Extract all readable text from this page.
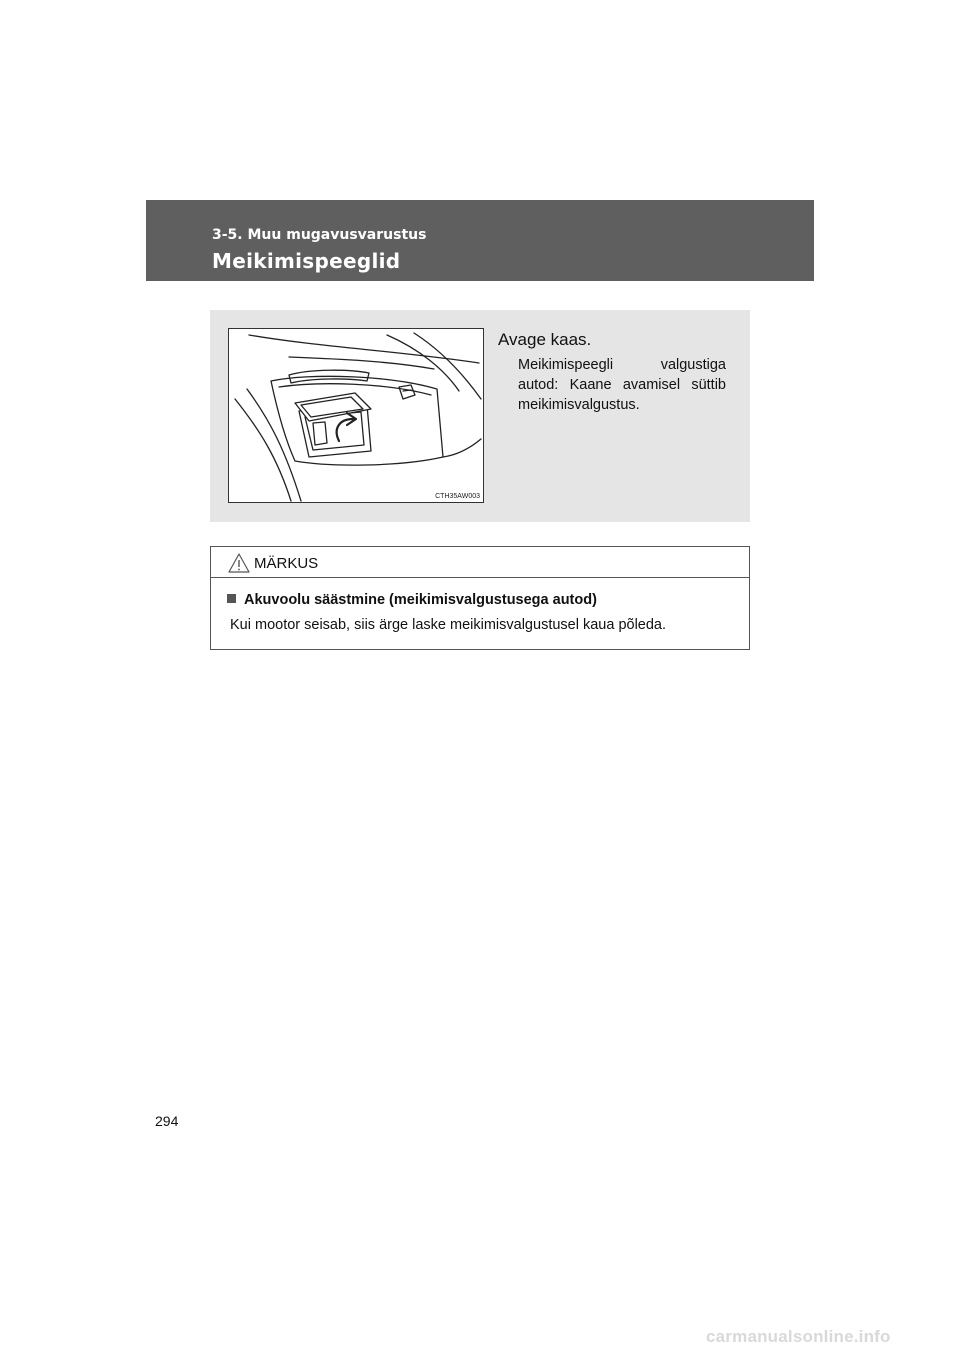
3-5. Muu mugavusvarustus
Meikimispeeglid
CTH35AW003
Avage kaas.
Meikimispeegli valgustiga autod: Kaane avamisel süttib meikimisvalgustus.
MÄRKUS
Akuvoolu säästmine (meikimisvalgustusega autod)
Kui mootor seisab, siis ärge laske meikimisvalgustusel kaua põleda.
294
carmanualsonline.info
